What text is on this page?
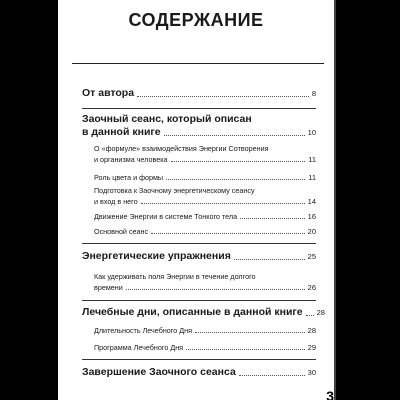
СОДЕРЖАНИЕ
От автора	8
Заочный сеанс, который описан
в данной книге	10
О «формуле» взаимодействия Энергии Сотворения
и организма человека	11
Роль цвета и формы	11
Подготовка к Заочному энергетическому сеансу
и вход в него	14
Движение Энергии в системе Тонкого тела	16
Основной сеанс	20
Энергетические упражнения	25
Как удерживать поля Энергии в течение долгого
времени	26
Лечебные дни, описанные в данной книге 28
Длительность Лечебного Дня	28
Программа Лечебного Дня	29
Завершение Заочного сеанса	30
3
